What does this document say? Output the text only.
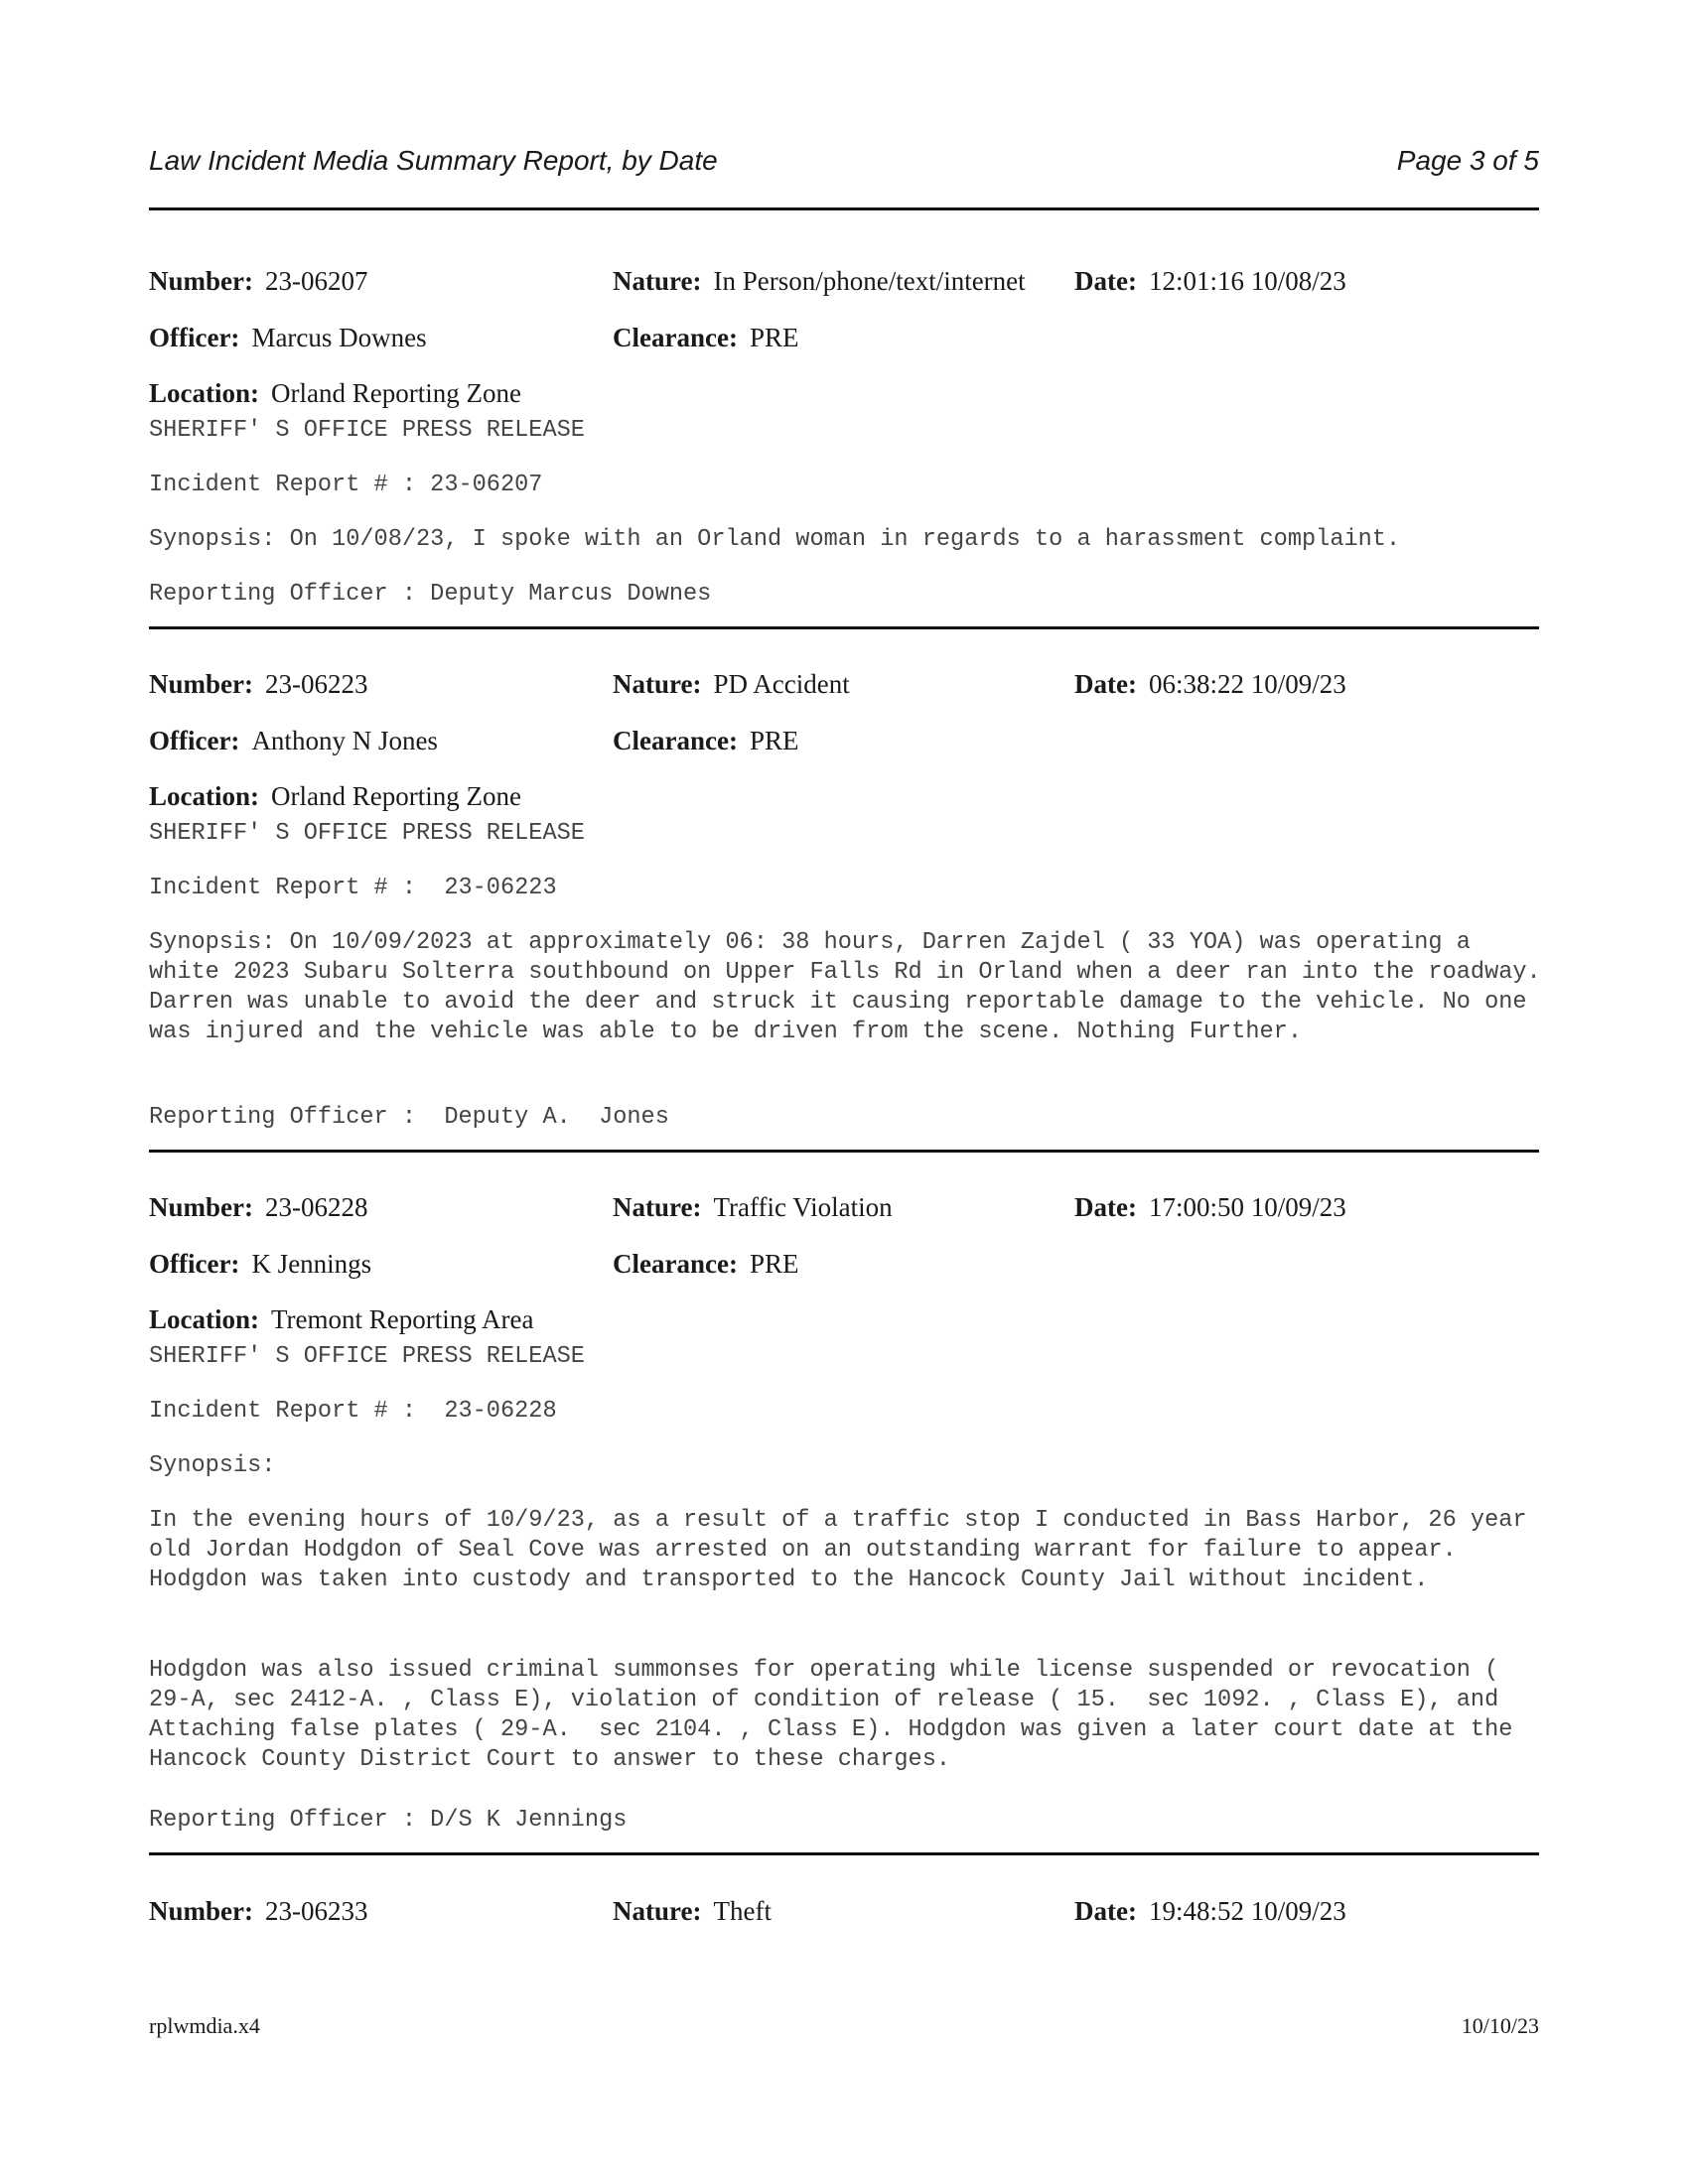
Law Incident Media Summary Report, by Date	Page 3 of 5
Number: 23-06207	Nature: In Person/phone/text/internet Date: 12:01:16 10/08/23
Officer: Marcus Downes	Clearance: PRE
Location: Orland Reporting Zone

SHERIFF' S OFFICE PRESS RELEASE

Incident Report # : 23-06207

Synopsis: On 10/08/23, I spoke with an Orland woman in regards to a harassment complaint.

Reporting Officer : Deputy Marcus Downes

Number: 23-06223	Nature: PD Accident	Date: 06:38:22 10/09/23
Officer: Anthony N Jones	Clearance: PRE
Location: Orland Reporting Zone

SHERIFF' S OFFICE PRESS RELEASE

Incident Report # :  23-06223

Synopsis: On 10/09/2023 at approximately 06: 38 hours, Darren Zajdel ( 33 YOA) was operating a white 2023 Subaru Solterra southbound on Upper Falls Rd in Orland when a deer ran into the roadway. Darren was unable to avoid the deer and struck it causing reportable damage to the vehicle. No one was injured and the vehicle was able to be driven from the scene. Nothing Further.

Reporting Officer :  Deputy A.  Jones

Number: 23-06228	Nature: Traffic Violation	Date: 17:00:50 10/09/23
Officer: K Jennings	Clearance: PRE
Location: Tremont Reporting Area

SHERIFF' S OFFICE PRESS RELEASE

Incident Report # :  23-06228

Synopsis:

In the evening hours of 10/9/23, as a result of a traffic stop I conducted in Bass Harbor, 26 year old Jordan Hodgdon of Seal Cove was arrested on an outstanding warrant for failure to appear. Hodgdon was taken into custody and transported to the Hancock County Jail without incident.

Hodgdon was also issued criminal summonses for operating while license suspended or revocation ( 29-A, sec 2412-A. , Class E), violation of condition of release ( 15.  sec 1092. , Class E), and Attaching false plates ( 29-A.  sec 2104. , Class E). Hodgdon was given a later court date at the Hancock County District Court to answer to these charges.

Reporting Officer : D/S K Jennings

Number: 23-06233	Nature: Theft	Date: 19:48:52 10/09/23
rplwmdia.x4	10/10/23
